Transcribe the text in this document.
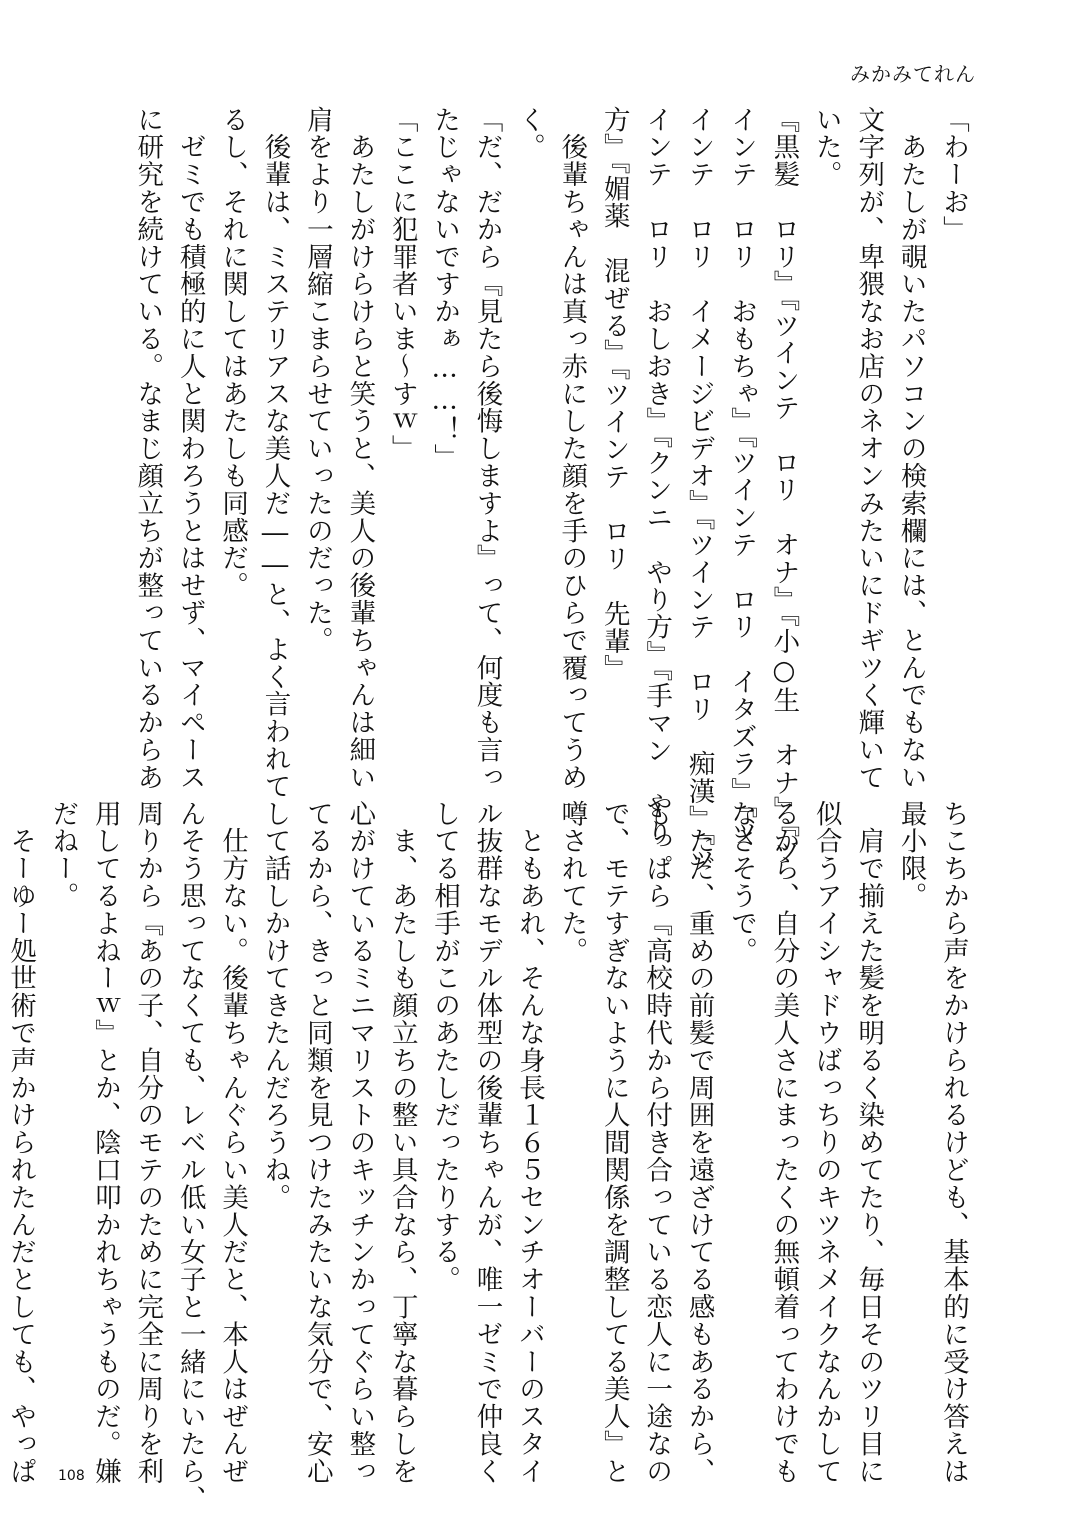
みかみてれん
「わーお」
　あたしが覗いたパソコンの検索欄には、とんでもない
文字列が、卑猥なお店のネオンみたいにドギツく輝いて
いた。
『黒髪　ロリ』『ツインテ　ロリ　オナ』『小○生　オナ』『ツ
インテ　ロリ　おもちゃ』『ツインテ　ロリ　イタズラ』『ツ
インテ　ロリ　イメージビデオ』『ツインテ　ロリ　痴漢』『ツ
インテ　ロリ　おしおき』『クンニ　やり方』『手マン　やり
方』『媚薬　混ぜる』『ツインテ　ロリ　先輩』
　後輩ちゃんは真っ赤にした顔を手のひらで覆ってうめ
く。
「だ、だから『見たら後悔しますよ』って、何度も言っ
たじゃないですかぁ……！」
「ここに犯罪者いま～すｗ」
　あたしがけらけらと笑うと、美人の後輩ちゃんは細い
肩をより一層縮こまらせていったのだった。
　後輩は、ミステリアスな美人だ――と、よく言われて
るし、それに関してはあたしも同感だ。
　ゼミでも積極的に人と関わろうとはせず、マイペース
に研究を続けている。なまじ顔立ちが整っているからあ
ちこちから声をかけられるけども、基本的に受け答えは
最小限。
　肩で揃えた髪を明るく染めてたり、毎日そのツリ目に
似合うアイシャドウばっちりのキツネメイクなんかして
るから、自分の美人さにまったくの無頓着ってわけでも
なさそうで。
　ただ、重めの前髪で周囲を遠ざけてる感もあるから、
もっぱら『高校時代から付き合っている恋人に一途なの
で、モテすぎないように人間関係を調整してる美人』と
噂されてた。
　ともあれ、そんな身長１６５センチオーバーのスタイ
ル抜群なモデル体型の後輩ちゃんが、唯一ゼミで仲良く
してる相手がこのあたしだったりする。
　ま、あたしも顔立ちの整い具合なら、丁寧な暮らしを
心がけているミニマリストのキッチンかってぐらい整っ
てるから、きっと同類を見つけたみたいな気分で、安心
して話しかけてきたんだろうね。
　仕方ない。後輩ちゃんぐらい美人だと、本人はぜんぜ
んそう思ってなくても、レベル低い女子と一緒にいたら、
周りから『あの子、自分のモテのために完全に周りを利
用してるよねーｗ』とか、陰口叩かれちゃうものだ。嫌
だねー。
　そーゆー処世術で声かけられたんだとしても、やっぱ	108
